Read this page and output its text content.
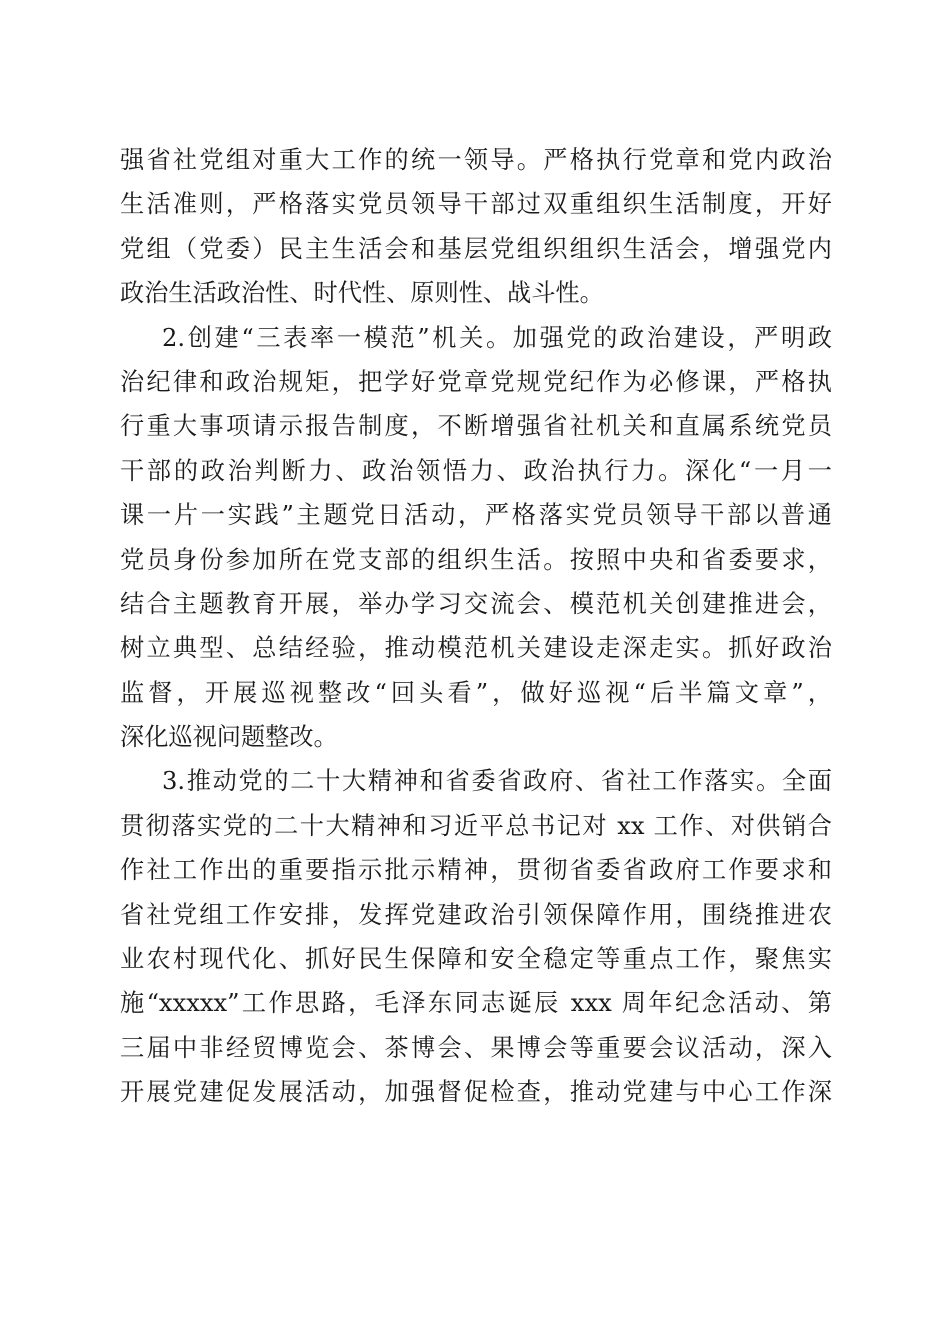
强省社党组对重大工作的统一领导。严格执行党章和党内政治
生活准则，严格落实党员领导干部过双重组织生活制度，开好
党组（党委）民主生活会和基层党组织组织生活会，增强党内
政治生活政治性、时代性、原则性、战斗性。
2.创建“三表率一模范”机关。加强党的政治建设，严明政
治纪律和政治规矩，把学好党章党规党纪作为必修课，严格执
行重大事项请示报告制度，不断增强省社机关和直属系统党员
干部的政治判断力、政治领悟力、政治执行力。深化“一月一
课一片一实践”主题党日活动，严格落实党员领导干部以普通
党员身份参加所在党支部的组织生活。按照中央和省委要求，
结合主题教育开展，举办学习交流会、模范机关创建推进会，
树立典型、总结经验，推动模范机关建设走深走实。抓好政治
监督，开展巡视整改“回头看”，做好巡视“后半篇文章”，
深化巡视问题整改。
3.推动党的二十大精神和省委省政府、省社工作落实。全面
贯彻落实党的二十大精神和习近平总书记对 xx 工作、对供销合
作社工作出的重要指示批示精神，贯彻省委省政府工作要求和
省社党组工作安排，发挥党建政治引领保障作用，围绕推进农
业农村现代化、抓好民生保障和安全稳定等重点工作，聚焦实
施“xxxxx”工作思路，毛泽东同志诞辰 xxx 周年纪念活动、第
三届中非经贸博览会、茶博会、果博会等重要会议活动，深入
开展党建促发展活动，加强督促检查，推动党建与中心工作深
